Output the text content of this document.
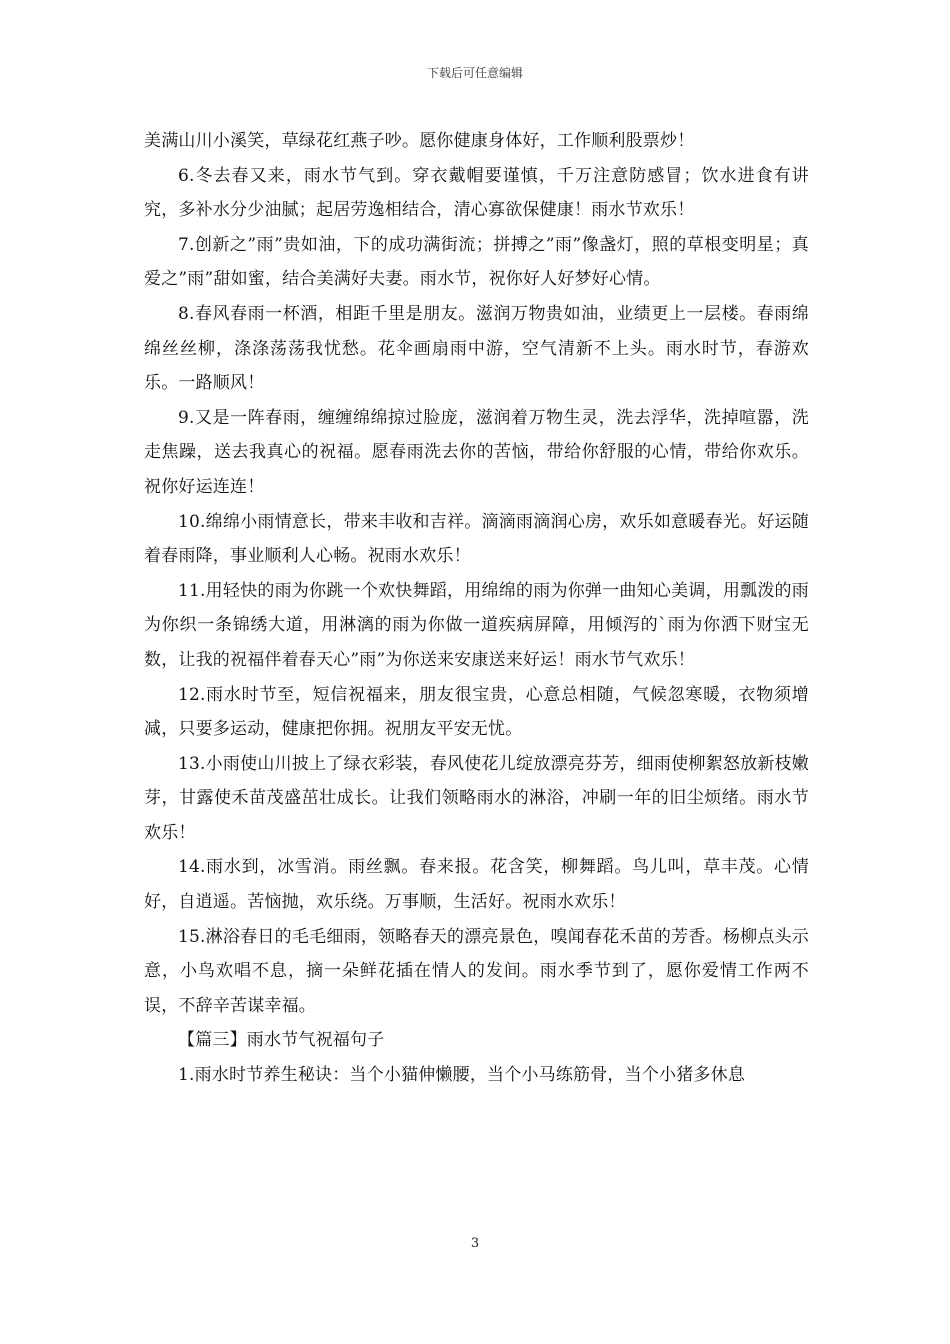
下载后可任意编辑

美满山川小溪笑，草绿花红燕子吵。愿你健康身体好，工作顺利股票炒！

6.冬去春又来，雨水节气到。穿衣戴帽要谨慎，千万注意防感冒；饮水进食有讲究，多补水分少油腻；起居劳逸相结合，清心寡欲保健康！雨水节欢乐！

7.创新之”雨”贵如油，下的成功满街流；拼搏之”雨”像盏灯，照的草根变明星；真爱之”雨”甜如蜜，结合美满好夫妻。雨水节，祝你好人好梦好心情。

8.春风春雨一杯酒，相距千里是朋友。滋润万物贵如油，业绩更上一层楼。春雨绵绵丝丝柳，涤涤荡荡我忧愁。花伞画扇雨中游，空气清新不上头。雨水时节，春游欢乐。一路顺风！

9.又是一阵春雨，缠缠绵绵掠过脸庞，滋润着万物生灵，洗去浮华，洗掉喧嚣，洗走焦躁，送去我真心的祝福。愿春雨洗去你的苦恼，带给你舒服的心情，带给你欢乐。祝你好运连连！

10.绵绵小雨情意长，带来丰收和吉祥。滴滴雨滴润心房，欢乐如意暖春光。好运随着春雨降，事业顺利人心畅。祝雨水欢乐！

11.用轻快的雨为你跳一个欢快舞蹈，用绵绵的雨为你弹一曲知心美调，用瓢泼的雨为你织一条锦绣大道，用淋漓的雨为你做一道疾病屏障，用倾泻的`雨为你洒下财宝无数，让我的祝福伴着春天心”雨”为你送来安康送来好运！雨水节气欢乐！

12.雨水时节至，短信祝福来，朋友很宝贵，心意总相随，气候忽寒暖，衣物须增减，只要多运动，健康把你拥。祝朋友平安无忧。

13.小雨使山川披上了绿衣彩装，春风使花儿绽放漂亮芬芳，细雨使柳絮怒放新枝嫩芽，甘露使禾苗茂盛茁壮成长。让我们领略雨水的淋浴，冲刷一年的旧尘烦绪。雨水节欢乐！

14.雨水到，冰雪消。雨丝飘。春来报。花含笑，柳舞蹈。鸟儿叫，草丰茂。心情好，自逍遥。苦恼抛，欢乐绕。万事顺，生活好。祝雨水欢乐！

15.淋浴春日的毛毛细雨，领略春天的漂亮景色，嗅闻春花禾苗的芳香。杨柳点头示意，小鸟欢唱不息，摘一朵鲜花插在情人的发间。雨水季节到了，愿你爱情工作两不误，不辞辛苦谋幸福。

【篇三】雨水节气祝福句子

1.雨水时节养生秘诀：当个小猫伸懒腰，当个小马练筋骨，当个小猪多休息

3
